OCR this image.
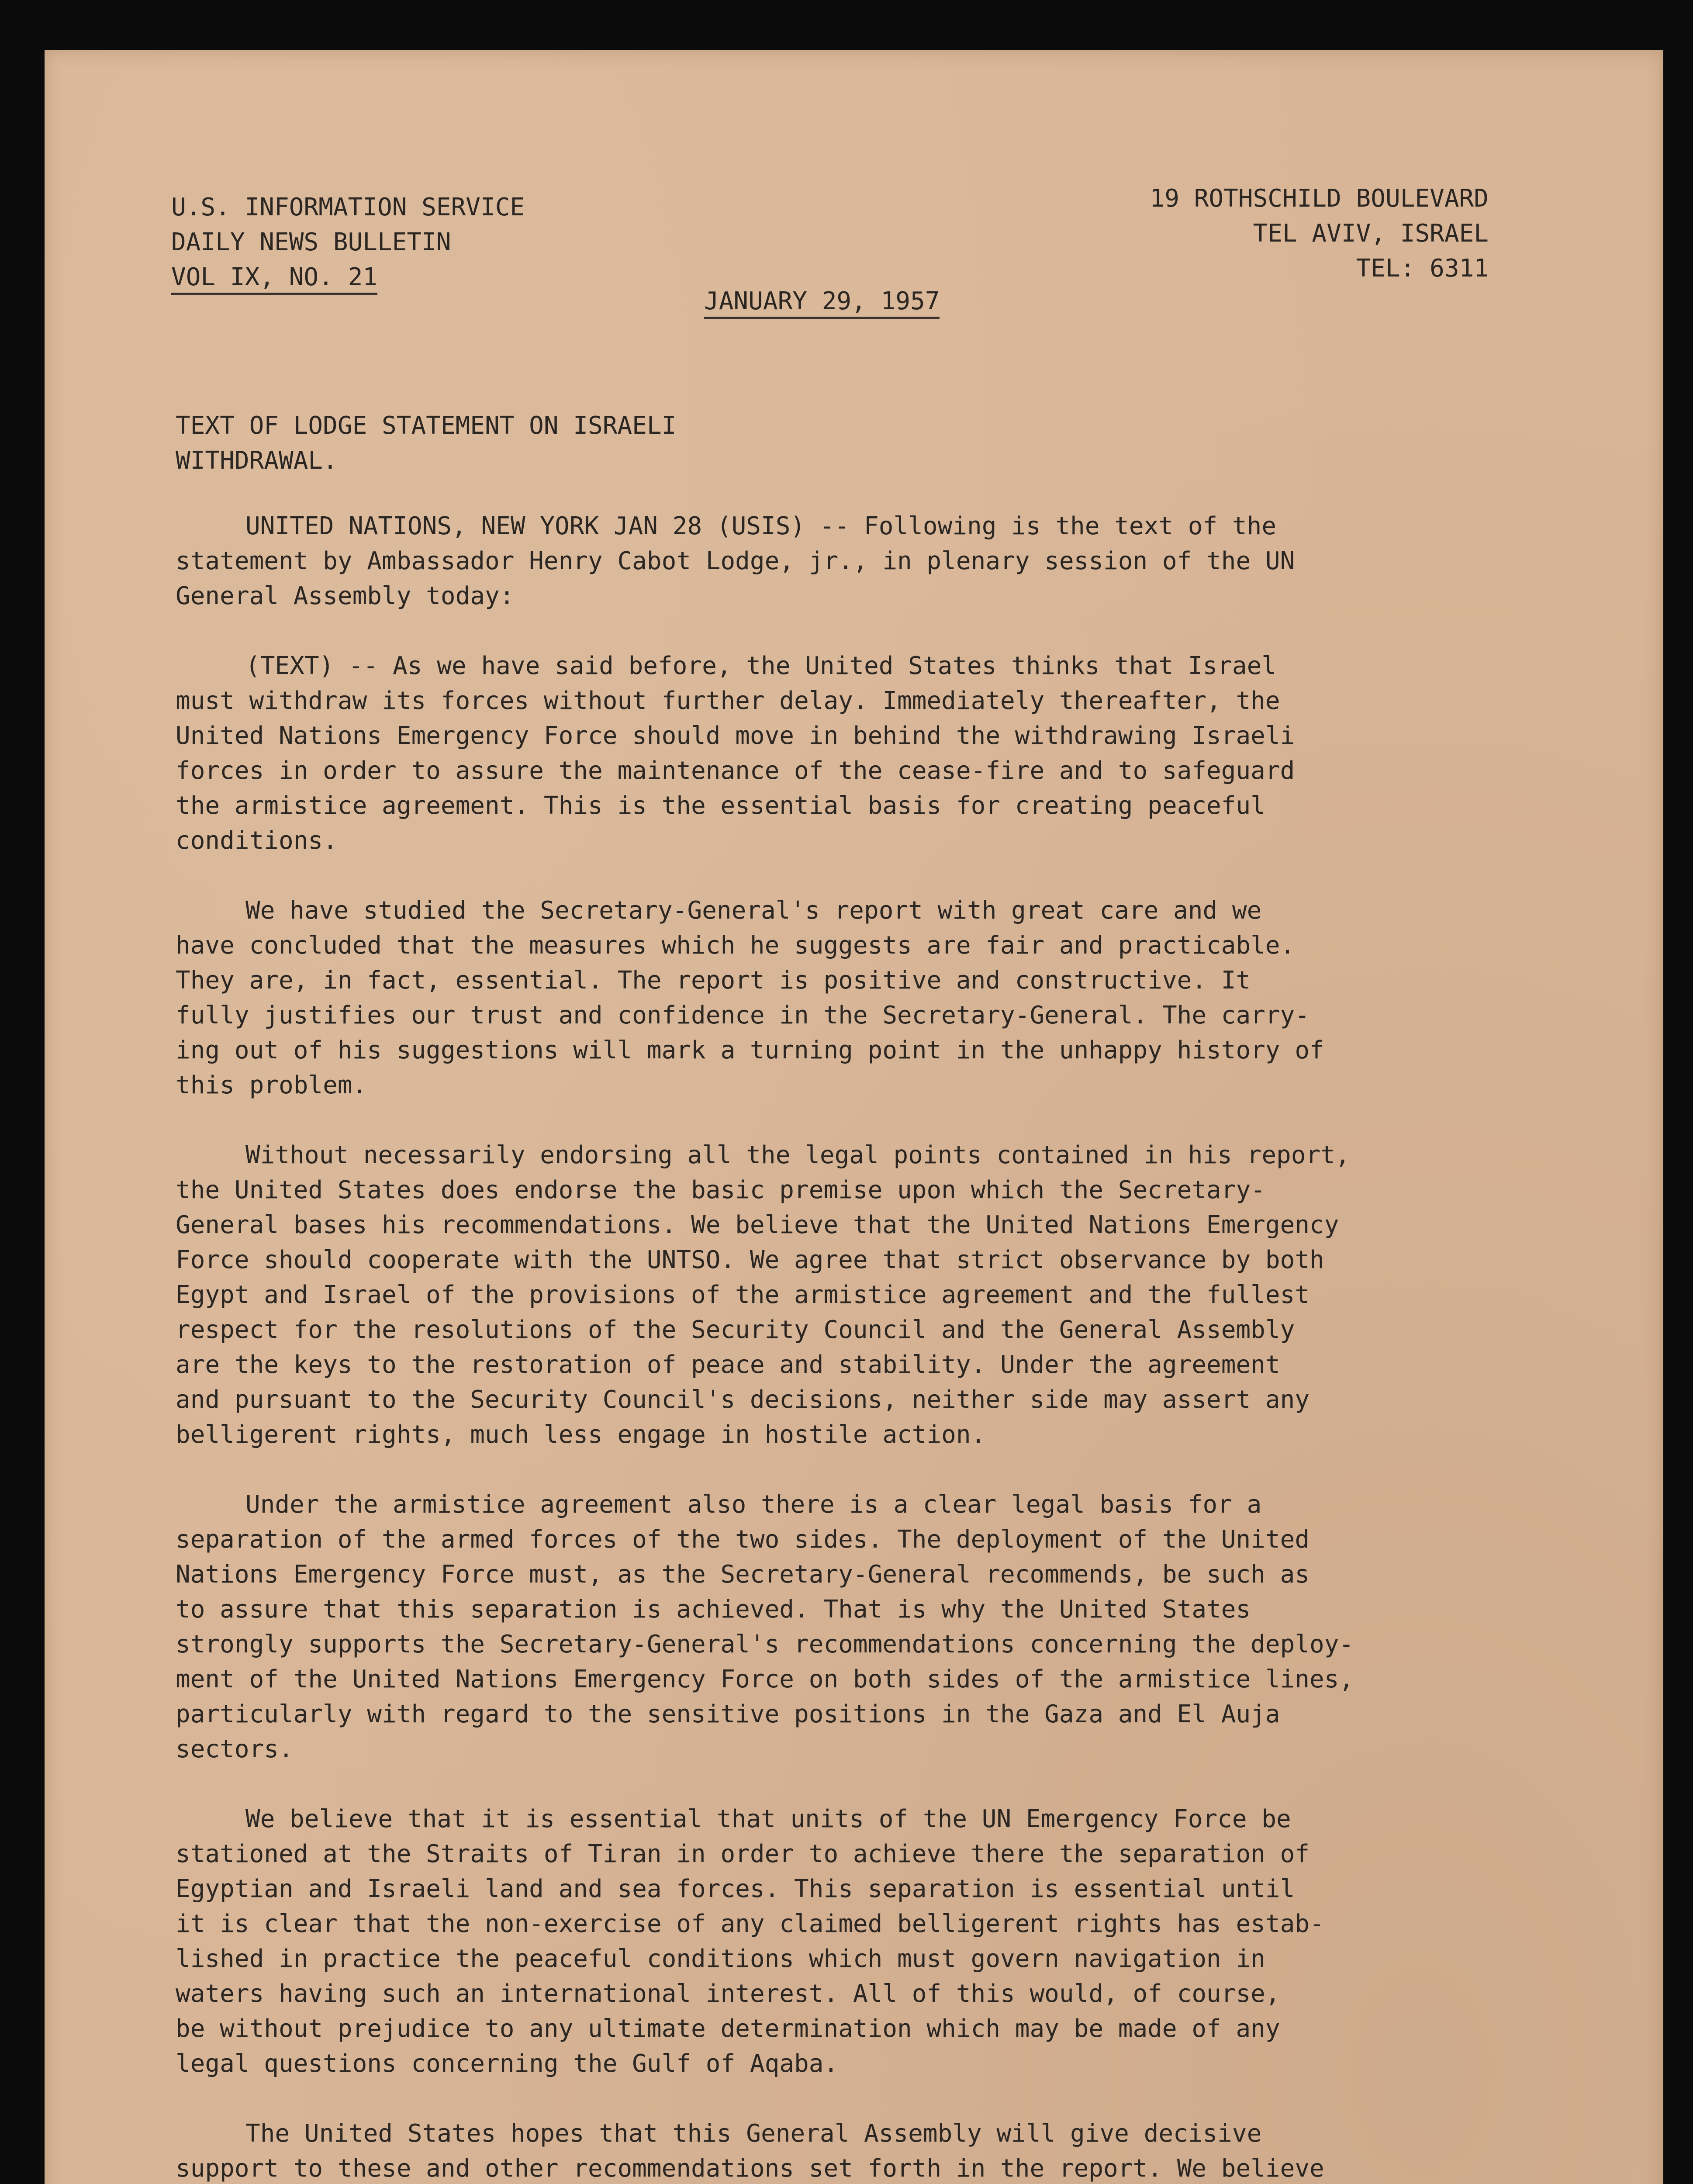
U.S. INFORMATION SERVICE
DAILY NEWS BULLETIN
VOL IX, NO. 21
JANUARY 29, 1957
19 ROTHSCHILD BOULEVARD
TEL AVIV, ISRAEL
TEL: 6311
TEXT OF LODGE STATEMENT ON ISRAELI
WITHDRAWAL.
UNITED NATIONS, NEW YORK JAN 28 (USIS) -- Following is the text of the
statement by Ambassador Henry Cabot Lodge, jr., in plenary session of the UN
General Assembly today:
(TEXT) -- As we have said before, the United States thinks that Israel
must withdraw its forces without further delay. Immediately thereafter, the
United Nations Emergency Force should move in behind the withdrawing Israeli
forces in order to assure the maintenance of the cease-fire and to safeguard
the armistice agreement. This is the essential basis for creating peaceful
conditions.
We have studied the Secretary-General's report with great care and we
have concluded that the measures which he suggests are fair and practicable.
They are, in fact, essential. The report is positive and constructive. It
fully justifies our trust and confidence in the Secretary-General. The carry-
ing out of his suggestions will mark a turning point in the unhappy history of
this problem.
Without necessarily endorsing all the legal points contained in his report,
the United States does endorse the basic premise upon which the Secretary-
General bases his recommendations. We believe that the United Nations Emergency
Force should cooperate with the UNTSO. We agree that strict observance by both
Egypt and Israel of the provisions of the armistice agreement and the fullest
respect for the resolutions of the Security Council and the General Assembly
are the keys to the restoration of peace and stability. Under the agreement
and pursuant to the Security Council's decisions, neither side may assert any
belligerent rights, much less engage in hostile action.
Under the armistice agreement also there is a clear legal basis for a
separation of the armed forces of the two sides. The deployment of the United
Nations Emergency Force must, as the Secretary-General recommends, be such as
to assure that this separation is achieved. That is why the United States
strongly supports the Secretary-General's recommendations concerning the deploy-
ment of the United Nations Emergency Force on both sides of the armistice lines,
particularly with regard to the sensitive positions in the Gaza and El Auja
sectors.
We believe that it is essential that units of the UN Emergency Force be
stationed at the Straits of Tiran in order to achieve there the separation of
Egyptian and Israeli land and sea forces. This separation is essential until
it is clear that the non-exercise of any claimed belligerent rights has estab-
lished in practice the peaceful conditions which must govern navigation in
waters having such an international interest. All of this would, of course,
be without prejudice to any ultimate determination which may be made of any
legal questions concerning the Gulf of Aqaba.
The United States hopes that this General Assembly will give decisive
support to these and other recommendations set forth in the report. We believe
